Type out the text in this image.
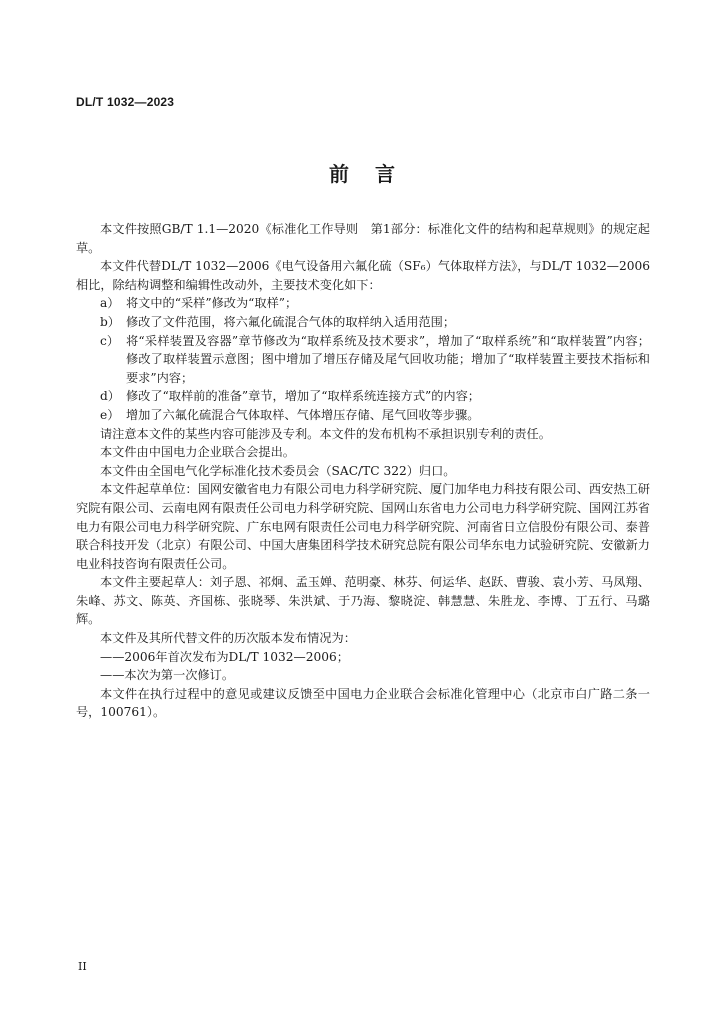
DL/T 1032—2023
前言

本文件按照GB/T 1.1—2020《标准化工作导则　第1部分：标准化文件的结构和起草规则》的规定起草。

本文件代替DL/T 1032—2006《电气设备用六氟化硫（SF₆）气体取样方法》，与DL/T 1032—2006相比，除结构调整和编辑性改动外，主要技术变化如下：

a） 将文中的“采样”修改为“取样”；
b） 修改了文件范围，将六氟化硫混合气体的取样纳入适用范围；
c） 将“采样装置及容器”章节修改为“取样系统及技术要求”，增加了“取样系统”和“取样装置”内容；修改了取样装置示意图；图中增加了增压存储及尾气回收功能；增加了“取样装置主要技术指标和要求”内容；
d） 修改了“取样前的准备”章节，增加了“取样系统连接方式”的内容；
e） 增加了六氟化硫混合气体取样、气体增压存储、尾气回收等步骤。

请注意本文件的某些内容可能涉及专利。本文件的发布机构不承担识别专利的责任。

本文件由中国电力企业联合会提出。

本文件由全国电气化学标准化技术委员会（SAC/TC 322）归口。

本文件起草单位：国网安徽省电力有限公司电力科学研究院、厦门加华电力科技有限公司、西安热工研究院有限公司、云南电网有限责任公司电力科学研究院、国网山东省电力公司电力科学研究院、国网江苏省电力有限公司电力科学研究院、广东电网有限责任公司电力科学研究院、河南省日立信股份有限公司、泰普联合科技开发（北京）有限公司、中国大唐集团科学技术研究总院有限公司华东电力试验研究院、安徽新力电业科技咨询有限责任公司。

本文件主要起草人：刘子恩、祁炯、孟玉婵、范明豪、林芬、何运华、赵跃、曹骏、袁小芳、马凤翔、朱峰、苏文、陈英、齐国栋、张晓琴、朱洪斌、于乃海、黎晓淀、韩慧慧、朱胜龙、李博、丁五行、马璐辉。

本文件及其所代替文件的历次版本发布情况为：

——2006年首次发布为DL/T 1032—2006；

——本次为第一次修订。

本文件在执行过程中的意见或建议反馈至中国电力企业联合会标准化管理中心（北京市白广路二条一号，100761）。

II
